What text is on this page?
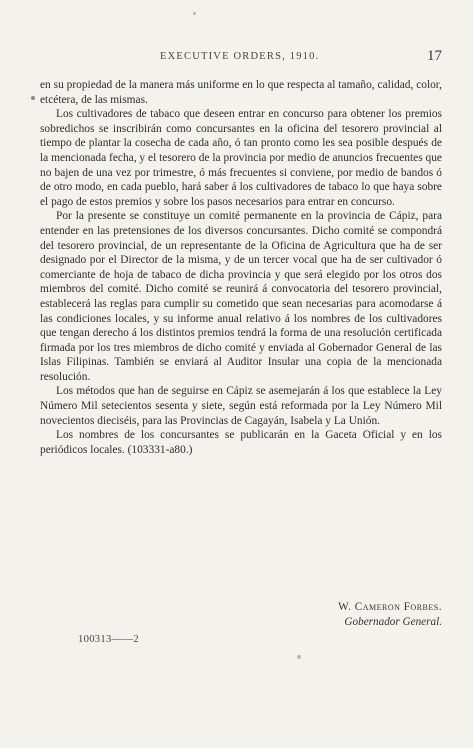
EXECUTIVE ORDERS, 1910.	17

en su propiedad de la manera más uniforme en lo que respecta al tamaño, calidad, color, etcétera, de las mismas.

Los cultivadores de tabaco que deseen entrar en concurso para obtener los premios sobredichos se inscribirán como concursantes en la oficina del tesorero provincial al tiempo de plantar la cosecha de cada año, ó tan pronto como les sea posible después de la mencionada fecha, y el tesorero de la provincia por medio de anuncios frecuentes que no bajen de una vez por trimestre, ó más frecuentes si conviene, por medio de bandos ó de otro modo, en cada pueblo, hará saber á los cultivadores de tabaco lo que haya sobre el pago de estos premios y sobre los pasos necesarios para entrar en concurso.

Por la presente se constituye un comité permanente en la provincia de Cápiz, para entender en las pretensiones de los diversos concursantes. Dicho comité se compondrá del tesorero provincial, de un representante de la Oficina de Agricultura que ha de ser designado por el Director de la misma, y de un tercer vocal que ha de ser cultivador ó comerciante de hoja de tabaco de dicha provincia y que será elegido por los otros dos miembros del comité. Dicho comité se reunirá á convocatoria del tesorero provincial, establecerá las reglas para cumplir su cometido que sean necesarias para acomodarse á las condiciones locales, y su informe anual relativo á los nombres de los cultivadores que tengan derecho á los distintos premios tendrá la forma de una resolución certificada firmada por los tres miembros de dicho comité y enviada al Gobernador General de las Islas Filipinas. También se enviará al Auditor Insular una copia de la mencionada resolución.

Los métodos que han de seguirse en Cápiz se asemejarán á los que establece la Ley Número Mil setecientos sesenta y siete, según está reformada por la Ley Número Mil novecientos dieciséis, para las Provincias de Cagayán, Isabela y La Unión.

Los nombres de los concursantes se publicarán en la Gaceta Oficial y en los periódicos locales. (103331-a80.)

W. Cameron Forbes.
Gobernador General.
100313——2
